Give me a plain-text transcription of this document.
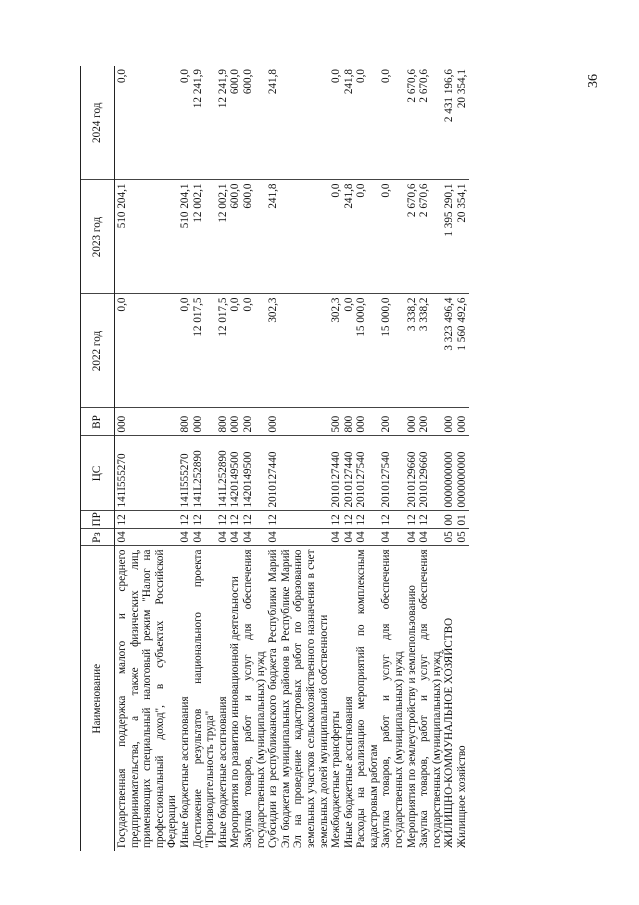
36
Наименование	Рз	ПР	ЦС	ВР	2022 год	2023 год	2024 год
Государственная поддержка малого и среднего предпринимательства, а также физических лиц, применяющих специальный налоговый режим "Налог на профессиональный доход", в субъектах Российской Федерации	04	12	141I555270	000	0,0	510 204,1	0,0
Иные бюджетные ассигнования	04	12	141I555270	800	0,0	510 204,1	0,0
Достижение результатов национального проекта "Производительность труда"	04	12	141L252890	000	12 017,5	12 002,1	12 241,9
Иные бюджетные ассигнования	04	12	141L252890	800	12 017,5	12 002,1	12 241,9
Мероприятия по развитию инновационной деятельности	04	12	1420149500	000	0,0	600,0	600,0
Закупка товаров, работ и услуг для обеспечения государственных (муниципальных) нужд	04	12	1420149500	200	0,0	600,0	600,0
Субсидии из республиканского бюджета Республики Марий Эл бюджетам муниципальных районов в Республике Марий Эл на проведение кадастровых работ по образованию земельных участков сельскохозяйственного назначения в счет земельных долей муниципальной собственности	04	12	2010127440	000	302,3	241,8	241,8
Межбюджетные трансферты	04	12	2010127440	500	302,3	0,0	0,0
Иные бюджетные ассигнования	04	12	2010127440	800	0,0	241,8	241,8
Расходы на реализацию мероприятий по комплексным кадастровым работам	04	12	2010127540	000	15 000,0	0,0	0,0
Закупка товаров, работ и услуг для обеспечения государственных (муниципальных) нужд	04	12	2010127540	200	15 000,0	0,0	0,0
Мероприятия по землеустройству и землепользованию	04	12	2010129660	000	3 338,2	2 670,6	2 670,6
Закупка товаров, работ и услуг для обеспечения государственных (муниципальных) нужд	04	12	2010129660	200	3 338,2	2 670,6	2 670,6
ЖИЛИЩНО-КОММУНАЛЬНОЕ ХОЗЯЙСТВО	05	00	0000000000	000	3 323 496,4	1 395 290,1	2 431 196,6
Жилищное хозяйство	05	01	0000000000	000	1 560 492,6	20 354,1	20 354,1
